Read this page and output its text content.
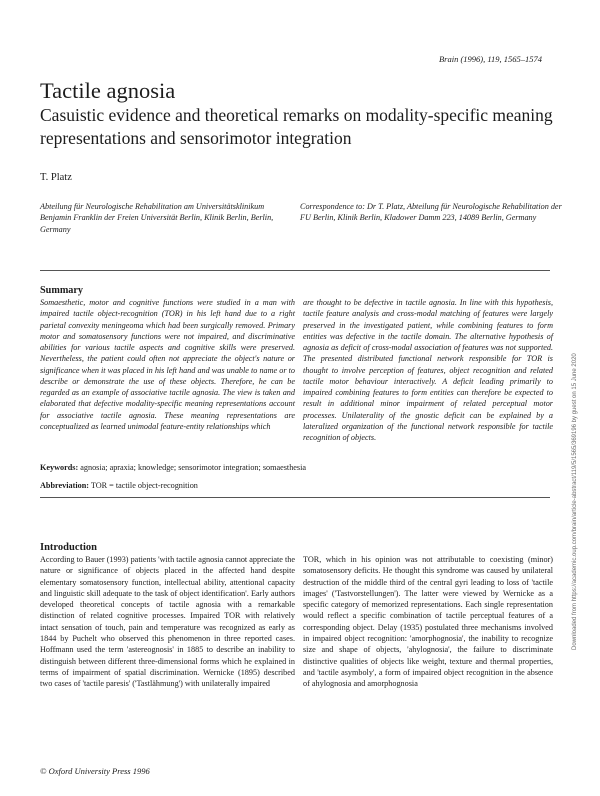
Brain (1996), 119, 1565–1574
Tactile agnosia
Casuistic evidence and theoretical remarks on modality-specific meaning representations and sensorimotor integration
T. Platz
Abteilung für Neurologische Rehabilitation am Universitätsklinikum Benjamin Franklin der Freien Universität Berlin, Klinik Berlin, Berlin, Germany
Correspondence to: Dr T. Platz, Abteilung für Neurologische Rehabilitation der FU Berlin, Klinik Berlin, Kladower Damm 223, 14089 Berlin, Germany
Summary
Somaesthetic, motor and cognitive functions were studied in a man with impaired tactile object-recognition (TOR) in his left hand due to a right parietal convexity meningeoma which had been surgically removed. Primary motor and somatosensory functions were not impaired, and discriminative abilities for various tactile aspects and cognitive skills were preserved. Nevertheless, the patient could often not appreciate the object's nature or significance when it was placed in his left hand and was unable to name or to describe or demonstrate the use of these objects. Therefore, he can be regarded as an example of associative tactile agnosia. The view is taken and elaborated that defective modality-specific meaning representations account for associative tactile agnosia. These meaning representations are conceptualized as learned unimodal feature-entity relationships which
are thought to be defective in tactile agnosia. In line with this hypothesis, tactile feature analysis and cross-modal matching of features were largely preserved in the investigated patient, while combining features to form entities was defective in the tactile domain. The alternative hypothesis of agnosia as deficit of cross-modal association of features was not supported. The presented distributed functional network responsible for TOR is thought to involve perception of features, object recognition and related tactile motor behaviour interactively. A deficit leading primarily to impaired combining features to form entities can therefore be expected to result in additional minor impairment of related perceptual motor processes. Unilaterality of the gnostic deficit can be explained by a lateralized organization of the functional network responsible for tactile recognition of objects.
Keywords: agnosia; apraxia; knowledge; sensorimotor integration; somaesthesia
Abbreviation: TOR = tactile object-recognition
Introduction
According to Bauer (1993) patients 'with tactile agnosia cannot appreciate the nature or significance of objects placed in the affected hand despite elementary somatosensory function, intellectual ability, attentional capacity and linguistic skill adequate to the task of object identification'. Early authors developed theoretical concepts of tactile agnosia with a remarkable distinction of related cognitive processes. Impaired TOR with relatively intact sensation of touch, pain and temperature was recognized as early as 1844 by Puchelt who observed this phenomenon in three reported cases. Hoffmann used the term 'astereognosis' in 1885 to describe an inability to distinguish between different three-dimensional forms which he explained in terms of impairment of spatial discrimination. Wernicke (1895) described two cases of 'tactile paresis' ('Tastlähmung') with unilaterally impaired
TOR, which in his opinion was not attributable to coexisting (minor) somatosensory deficits. He thought this syndrome was caused by unilateral destruction of the middle third of the central gyri leading to loss of 'tactile images' ('Tastvorstellungen'). The latter were viewed by Wernicke as a specific category of memorized representations. Each single representation would reflect a specific combination of tactile perceptual features of a corresponding object. Delay (1935) postulated three mechanisms involved in impaired object recognition: 'amorphognosia', the inability to recognize size and shape of objects, 'ahylognosia', the failure to discriminate distinctive qualities of objects like weight, texture and thermal properties, and 'tactile asymboly', a form of impaired object recognition in the absence of ahylognosia and amorphognosia
© Oxford University Press 1996
Downloaded from https://academic.oup.com/brain/article-abstract/119/5/1565/369196 by guest on 15 June 2020
